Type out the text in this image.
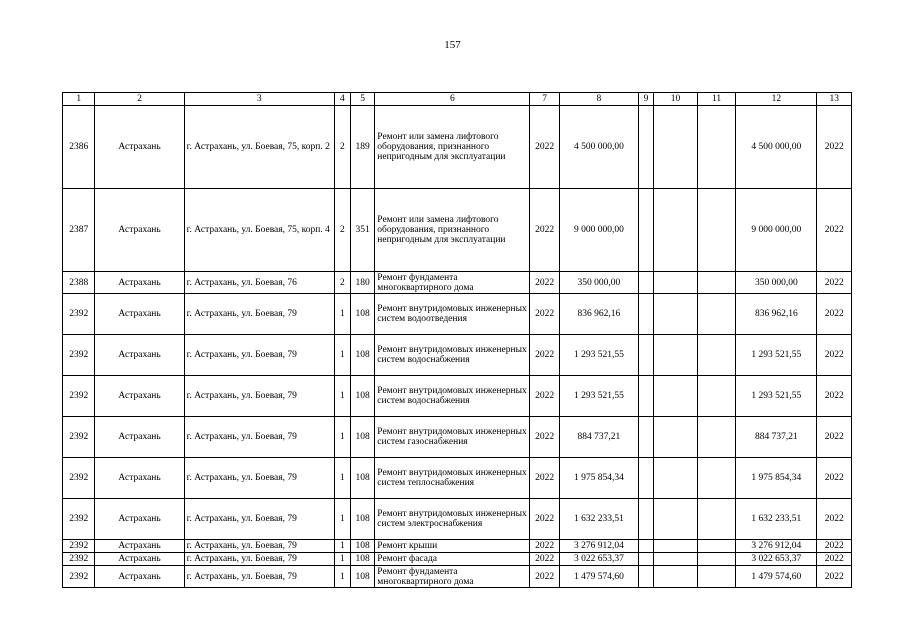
157
1	2	3	4	5	6	7	8	9	10	11	12	13
2386	Астрахань	г. Астрахань, ул. Боевая, 75, корп. 2	2	189	Ремонт или замена лифтового оборудования, признанного непригодным для эксплуатации	2022	4 500 000,00				4 500 000,00	2022
2387	Астрахань	г. Астрахань, ул. Боевая, 75, корп. 4	2	351	Ремонт или замена лифтового оборудования, признанного непригодным для эксплуатации	2022	9 000 000,00				9 000 000,00	2022
2388	Астрахань	г. Астрахань, ул. Боевая, 76	2	180	Ремонт фундамента многоквартирного дома	2022	350 000,00				350 000,00	2022
2392	Астрахань	г. Астрахань, ул. Боевая, 79	1	108	Ремонт внутридомовых инженерных систем водоотведения	2022	836 962,16				836 962,16	2022
2392	Астрахань	г. Астрахань, ул. Боевая, 79	1	108	Ремонт внутридомовых инженерных систем водоснабжения	2022	1 293 521,55				1 293 521,55	2022
2392	Астрахань	г. Астрахань, ул. Боевая, 79	1	108	Ремонт внутридомовых инженерных систем водоснабжения	2022	1 293 521,55				1 293 521,55	2022
2392	Астрахань	г. Астрахань, ул. Боевая, 79	1	108	Ремонт внутридомовых инженерных систем газоснабжения	2022	884 737,21				884 737,21	2022
2392	Астрахань	г. Астрахань, ул. Боевая, 79	1	108	Ремонт внутридомовых инженерных систем теплоснабжения	2022	1 975 854,34				1 975 854,34	2022
2392	Астрахань	г. Астрахань, ул. Боевая, 79	1	108	Ремонт внутридомовых инженерных систем электроснабжения	2022	1 632 233,51				1 632 233,51	2022
2392	Астрахань	г. Астрахань, ул. Боевая, 79	1	108	Ремонт крыши	2022	3 276 912,04				3 276 912,04	2022
2392	Астрахань	г. Астрахань, ул. Боевая, 79	1	108	Ремонт фасада	2022	3 022 653,37				3 022 653,37	2022
2392	Астрахань	г. Астрахань, ул. Боевая, 79	1	108	Ремонт фундамента многоквартирного дома	2022	1 479 574,60				1 479 574,60	2022
